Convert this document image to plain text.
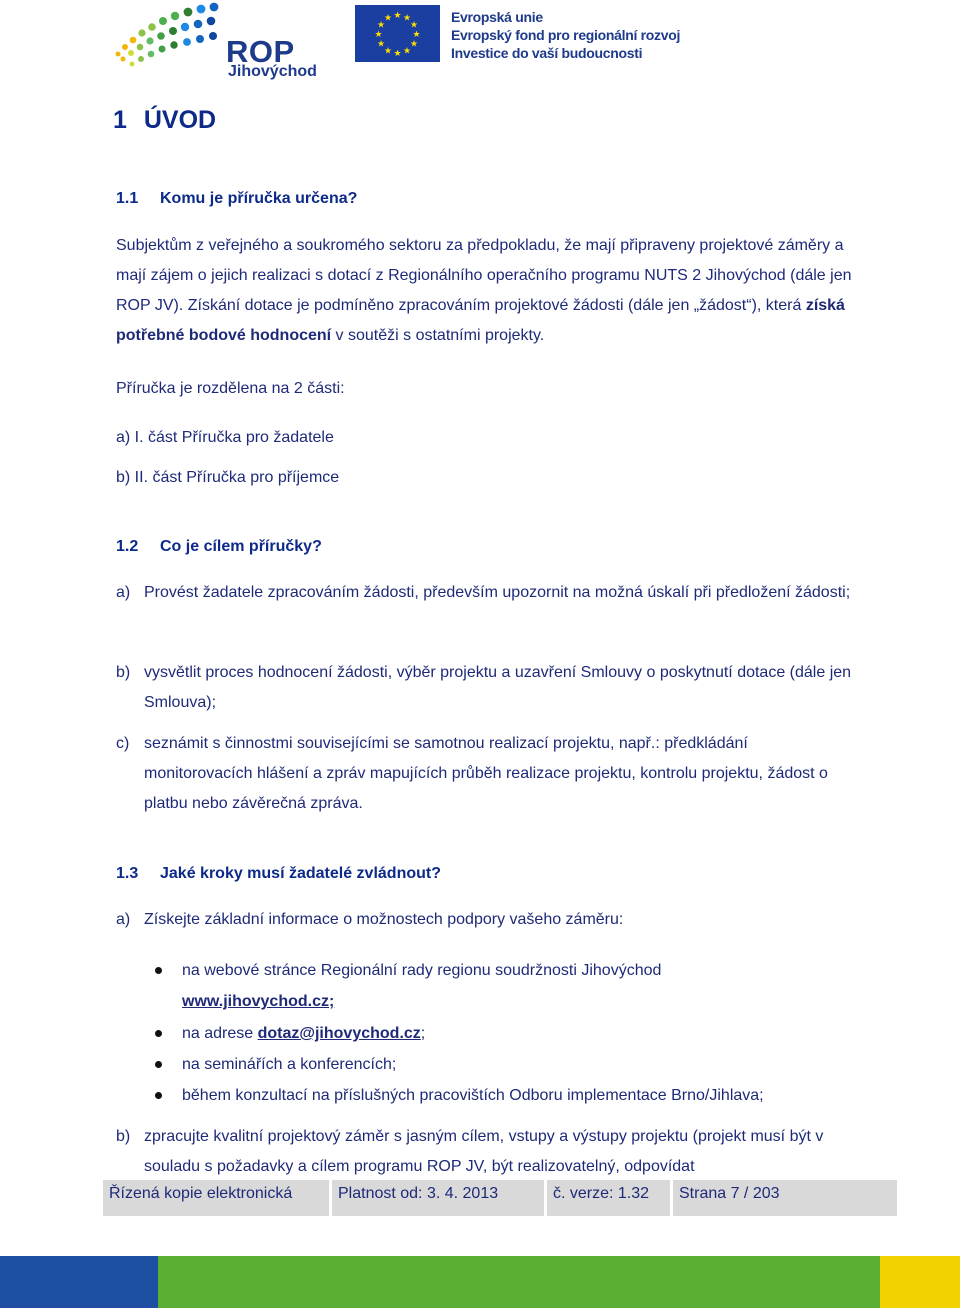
ROP
Jihovýchod
★ ★
★
★
★
★
★
★
★
★
★
★	Evropská unie
Evropský fond pro regionální rozvoj
Investice do vaší budoucnosti
1 ÚVOD
1.1 Komu je příručka určena?
Subjektům z veřejného a soukromého sektoru za předpokladu, že mají připraveny projektové záměry a mají zájem o jejich realizaci s dotací z Regionálního operačního programu NUTS 2 Jihovýchod (dále jen ROP JV). Získání dotace je podmíněno zpracováním projektové žádosti (dále jen „žádost“), která získá potřebné bodové hodnocení v soutěži s ostatními projekty.
Příručka je rozdělena na 2 části:
a) I. část Příručka pro žadatele
b) II. část Příručka pro příjemce
1.2 Co je cílem příručky?
a) Provést žadatele zpracováním žádosti, především upozornit na možná úskalí při předložení žádosti;
b) vysvětlit proces hodnocení žádosti, výběr projektu a uzavření Smlouvy o poskytnutí dotace (dále jen Smlouva);
c) seznámit s činnostmi souvisejícími se samotnou realizací projektu, např.: předkládání monitorovacích hlášení a zpráv mapujících průběh realizace projektu, kontrolu projektu, žádost o platbu nebo závěrečná zpráva.
1.3 Jaké kroky musí žadatelé zvládnout?
a) Získejte základní informace o možnostech podpory vašeho záměru:
na webové stránce Regionální rady regionu soudržnosti Jihovýchod
www.jihovychod.cz;
na adrese dotaz@jihovychod.cz;
na seminářích a konferencích;
během konzultací na příslušných pracovištích Odboru implementace Brno/Jihlava;
b) zpracujte kvalitní projektový záměr s jasným cílem, vstupy a výstupy projektu (projekt musí být v souladu s požadavky a cílem programu ROP JV, být realizovatelný, odpovídat
Řízená kopie elektronická	Platnost od: 3. 4. 2013	č. verze: 1.32	Strana 7 / 203
